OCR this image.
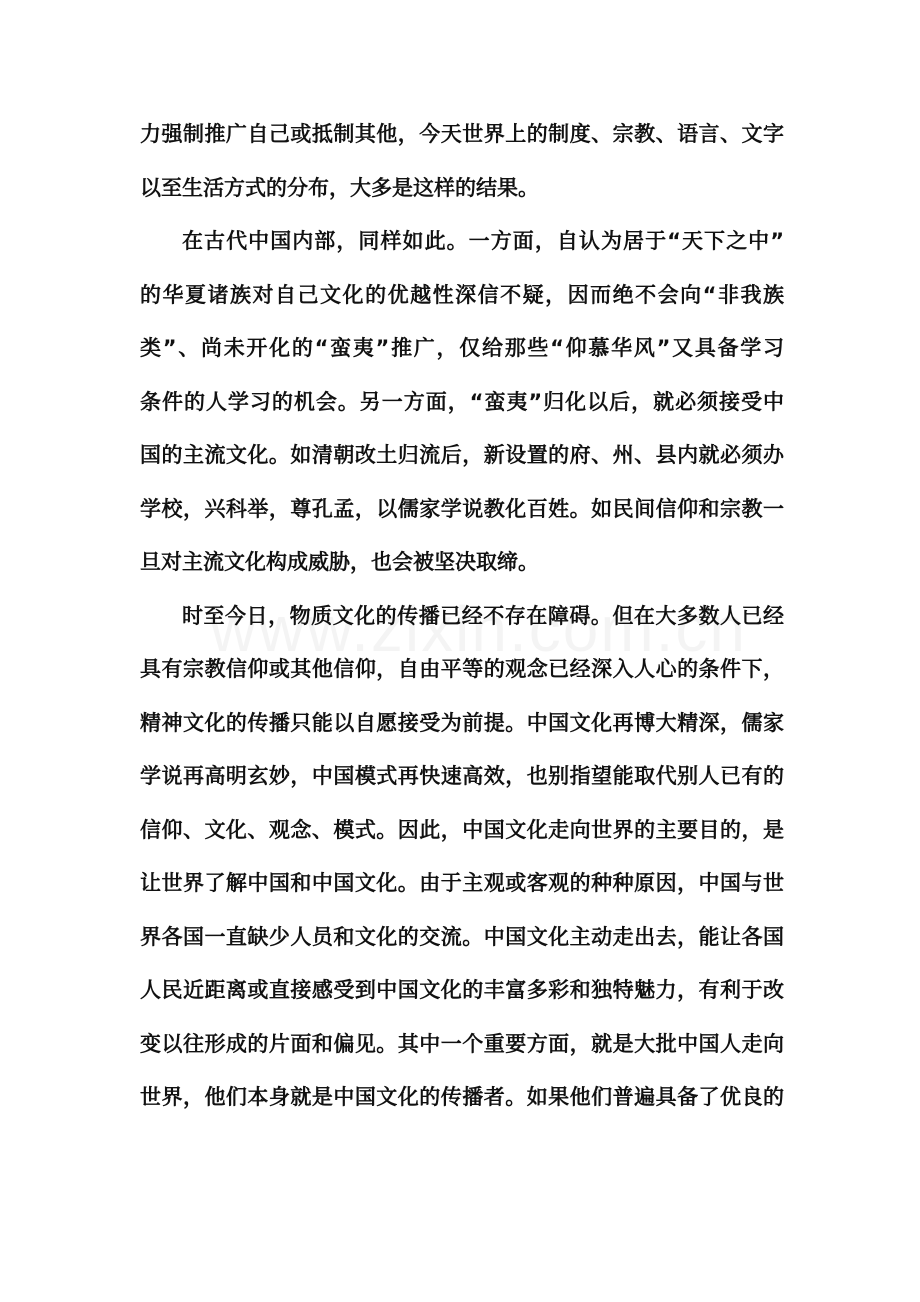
力强制推广自己或抵制其他，今天世界上的制度、宗教、语言、文字
以至生活方式的分布，大多是这样的结果。
在古代中国内部，同样如此。一方面，自认为居于“天下之中”
的华夏诸族对自己文化的优越性深信不疑，因而绝不会向“非我族
类”、尚未开化的“蛮夷”推广，仅给那些“仰慕华风”又具备学习
条件的人学习的机会。另一方面，“蛮夷”归化以后，就必须接受中
国的主流文化。如清朝改土归流后，新设置的府、州、县内就必须办
学校，兴科举，尊孔孟，以儒家学说教化百姓。如民间信仰和宗教一
旦对主流文化构成威胁，也会被坚决取缔。
时至今日，物质文化的传播已经不存在障碍。但在大多数人已经
具有宗教信仰或其他信仰，自由平等的观念已经深入人心的条件下，
精神文化的传播只能以自愿接受为前提。中国文化再博大精深，儒家
学说再高明玄妙，中国模式再快速高效，也别指望能取代别人已有的
信仰、文化、观念、模式。因此，中国文化走向世界的主要目的，是
让世界了解中国和中国文化。由于主观或客观的种种原因，中国与世
界各国一直缺少人员和文化的交流。中国文化主动走出去，能让各国
人民近距离或直接感受到中国文化的丰富多彩和独特魅力，有利于改
变以往形成的片面和偏见。其中一个重要方面，就是大批中国人走向
世界，他们本身就是中国文化的传播者。如果他们普遍具备了优良的
